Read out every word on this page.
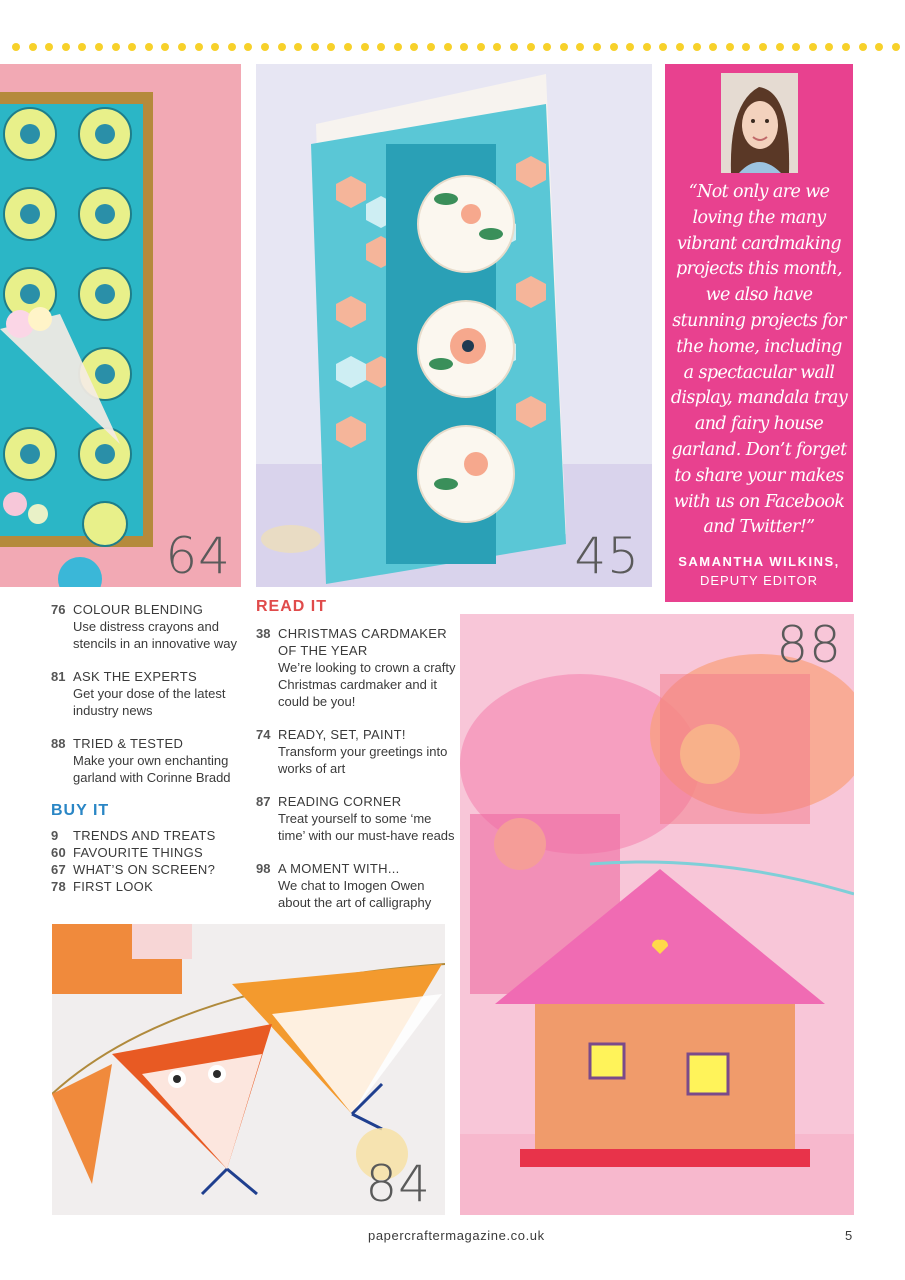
64	45
“Not only are we loving the many vibrant cardmaking projects this month, we also have stunning projects for the home, including a spectacular wall display, mandala tray and fairy house garland. Don’t forget to share your makes with us on Facebook and Twitter!”
SAMANTHA WILKINS,
DEPUTY EDITOR
76 COLOUR BLENDING
Use distress crayons and stencils in an innovative way
81 ASK THE EXPERTS
Get your dose of the latest industry news
88 TRIED & TESTED
Make your own enchanting garland with Corinne Bradd
BUY IT
9 TRENDS AND TREATS
60 FAVOURITE THINGS
67 WHAT’S ON SCREEN?
78 FIRST LOOK
READ IT
38 CHRISTMAS CARDMAKER OF THE YEAR
We’re looking to crown a crafty Christmas cardmaker and it could be you!
74 READY, SET, PAINT!
Transform your greetings into works of art
87 READING CORNER
Treat yourself to some ‘me time’ with our must-have reads
98 A MOMENT WITH...
We chat to Imogen Owen about the art of calligraphy
88
84
papercraftermagazine.co.uk	5
